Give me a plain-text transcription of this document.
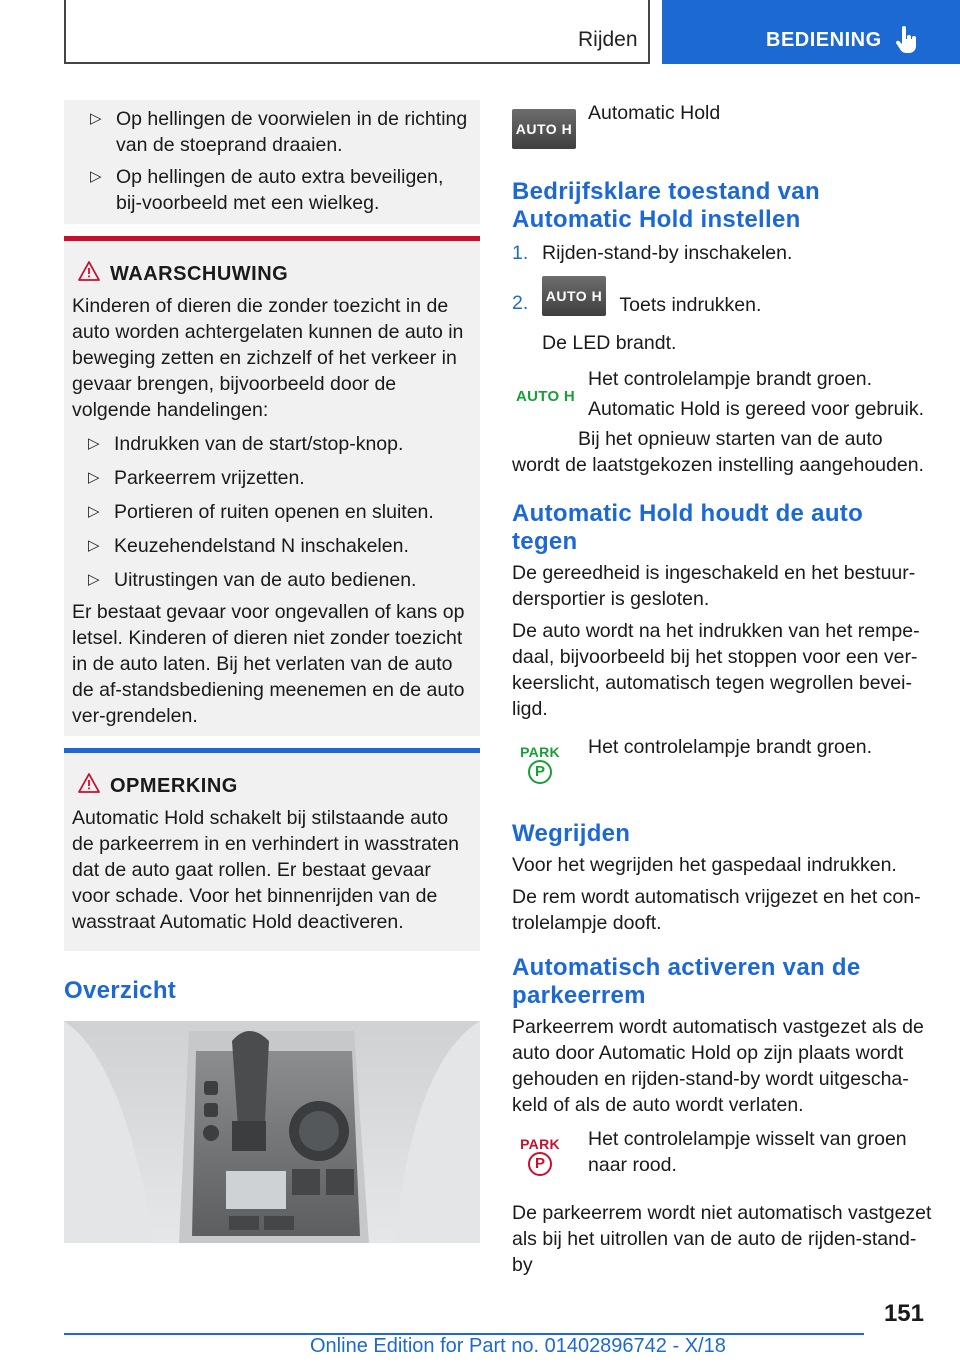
Rijden	BEDIENING
▷ Op hellingen de voorwielen in de richting van de stoeprand draaien.
▷ Op hellingen de auto extra beveiligen, bij-voorbeeld met een wielkeg.
WAARSCHUWING

Kinderen of dieren die zonder toezicht in de auto worden achtergelaten kunnen de auto in beweging zetten en zichzelf of het verkeer in gevaar brengen, bijvoorbeeld door de volgende handelingen:

▷ Indrukken van de start/stop-knop.
▷ Parkeerrem vrijzetten.
▷ Portieren of ruiten openen en sluiten.
▷ Keuzehendelstand N inschakelen.
▷ Uitrustingen van de auto bedienen.

Er bestaat gevaar voor ongevallen of kans op letsel. Kinderen of dieren niet zonder toezicht in de auto laten. Bij het verlaten van de auto de af-standsbediening meenemen en de auto ver-grendelen.

OPMERKING

Automatic Hold schakelt bij stilstaande auto de parkeerrem in en verhindert in wasstraten dat de auto gaat rollen. Er bestaat gevaar voor schade. Voor het binnenrijden van de wasstraat Automatic Hold deactiveren.

Overzicht
AUTO H
Automatic Hold
Bedrijfsklare toestand van Automatic Hold instellen
1. Rijden-stand-by inschakelen.
2. AUTO H Toets indrukken.

De LED brandt.

AUTO H

Het controlelampje brandt groen.

Automatic Hold is gereed voor gebruik.

Bij het opnieuw starten van de auto wordt de laatstgekozen instelling aangehouden.

Automatic Hold houdt de auto tegen

De gereedheid is ingeschakeld en het bestuur-dersportier is gesloten.

De auto wordt na het indrukken van het rempe-daal, bijvoorbeeld bij het stoppen voor een ver-keerslicht, automatisch tegen wegrollen bevei-ligd.

PARK
P

Het controlelampje brandt groen.

Wegrijden

Voor het wegrijden het gaspedaal indrukken.

De rem wordt automatisch vrijgezet en het con-trolelampje dooft.

Automatisch activeren van de parkeerrem

Parkeerrem wordt automatisch vastgezet als de auto door Automatic Hold op zijn plaats wordt gehouden en rijden-stand-by wordt uitgescha-keld of als de auto wordt verlaten.

PARK
P

Het controlelampje wisselt van groen naar rood.

De parkeerrem wordt niet automatisch vastgezet als bij het uitrollen van de auto de rijden-stand-by

151
Online Edition for Part no. 01402896742 - X/18
